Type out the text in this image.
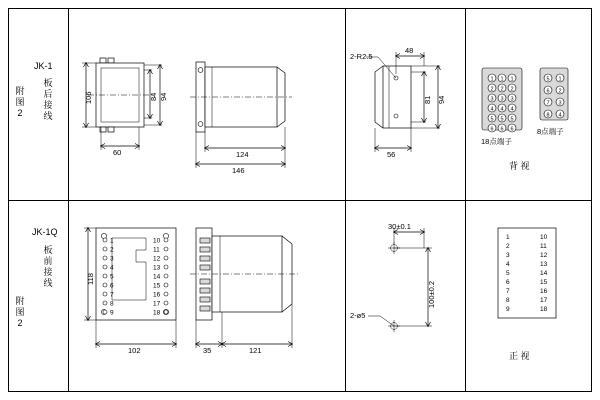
附
图
2
JK-1
板
后
接
线
1 1 1
2 2 2
3 3 3
4 4 4
5 5 5
6 6 6
5 1
6 2
7 3
8 4
1
2
3
4
5
6
7
8
9
10
11
12
13
14
15
16
17
18
1	10
2	11
3	12
4	13
5	14
6	15
7	16
8	17
9	18
106	84 94
60	124
146
2-R2.5
48
81 94
56
18点端子
8点端子
背 视
附
图
2
JK-1Q
板
前
接
线	118
102	35	121
30±0.1
100±0.2
2-ø5
正 视
